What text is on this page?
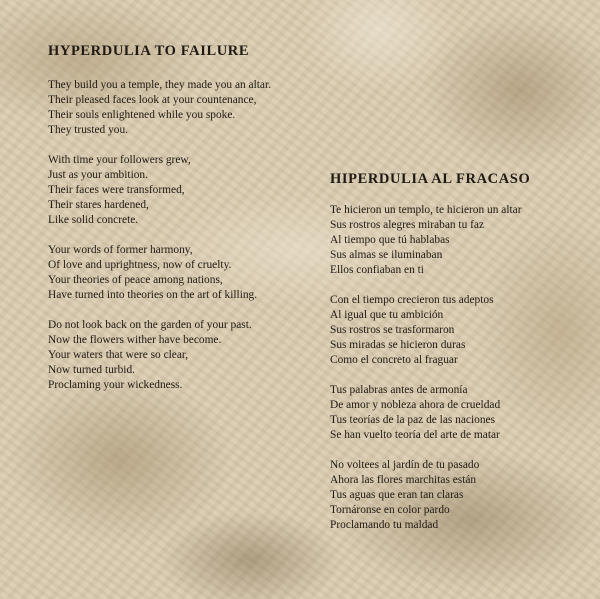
HYPERDULIA TO FAILURE

They build you a temple, they made you an altar.
Their pleased faces look at your countenance,
Their souls enlightened while you spoke.
They trusted you.

With time your followers grew,
Just as your ambition.
Their faces were transformed,
Their stares hardened,
Like solid concrete.

Your words of former harmony,
Of love and uprightness, now of cruelty.
Your theories of peace among nations,
Have turned into theories on the art of killing.

Do not look back on the garden of your past.
Now the flowers wither have become.
Your waters that were so clear,
Now turned turbid.
Proclaming your wickedness.

HIPERDULIA AL FRACASO

Te hicieron un templo, te hicieron un altar
Sus rostros alegres miraban tu faz
Al tiempo que tú hablabas
Sus almas se iluminaban
Ellos confiaban en ti

Con el tiempo crecieron tus adeptos
Al igual que tu ambición
Sus rostros se trasformaron
Sus miradas se hicieron duras
Como el concreto al fraguar

Tus palabras antes de armonía
De amor y nobleza ahora de crueldad
Tus teorías de la paz de las naciones
Se han vuelto teoría del arte de matar

No voltees al jardín de tu pasado
Ahora las flores marchitas están
Tus aguas que eran tan claras
Tornáronse en color pardo
Proclamando tu maldad
